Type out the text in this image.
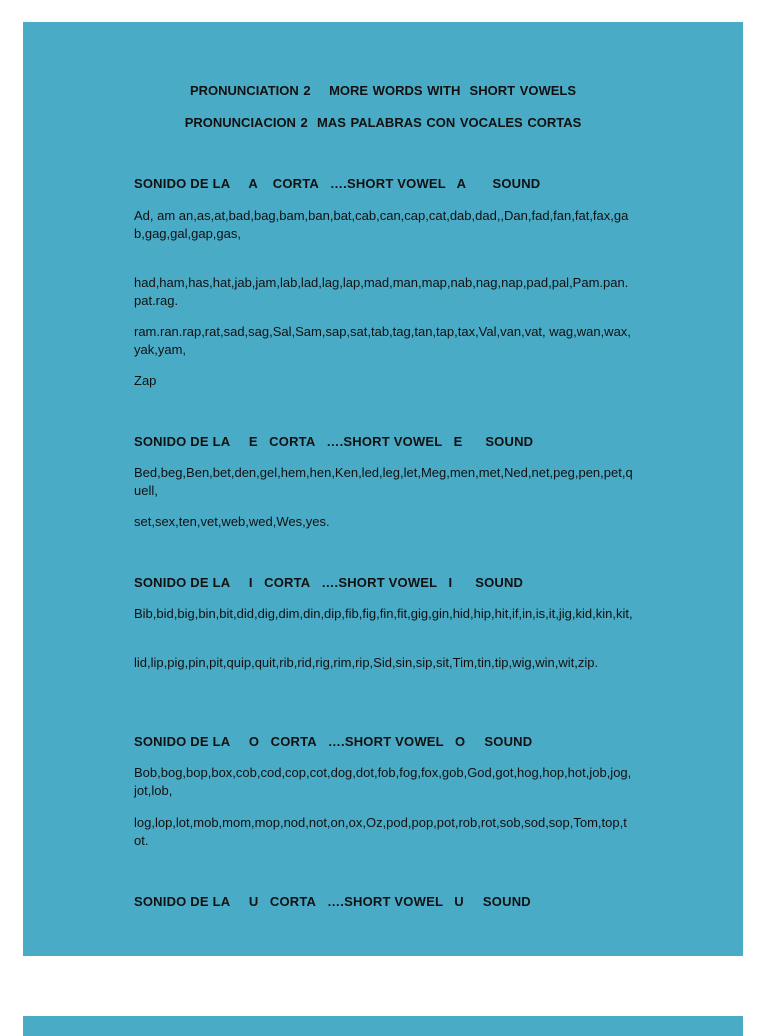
PRONUNCIATION 2    MORE WORDS WITH  SHORT VOWELS
PRONUNCIACION 2  MAS PALABRAS CON VOCALES CORTAS
SONIDO DE LA     A    CORTA   ….SHORT VOWEL   A       SOUND
Ad, am an,as,at,bad,bag,bam,ban,bat,cab,can,cap,cat,dab,dad,,Dan,fad,fan,fat,fax,gab,gag,gal,gap,gas,
had,ham,has,hat,jab,jam,lab,lad,lag,lap,mad,man,map,nab,nag,nap,pad,pal,Pam.pan.pat.rag.
ram.ran.rap,rat,sad,sag,Sal,Sam,sap,sat,tab,tag,tan,tap,tax,Val,van,vat, wag,wan,wax,yak,yam,
Zap
SONIDO DE LA     E   CORTA   ….SHORT VOWEL   E      SOUND
Bed,beg,Ben,bet,den,gel,hem,hen,Ken,led,leg,let,Meg,men,met,Ned,net,peg,pen,pet,quell,
set,sex,ten,vet,web,wed,Wes,yes.
SONIDO DE LA     I   CORTA   ….SHORT VOWEL   I      SOUND
Bib,bid,big,bin,bit,did,dig,dim,din,dip,fib,fig,fin,fit,gig,gin,hid,hip,hit,if,in,is,it,jig,kid,kin,kit,
lid,lip,pig,pin,pit,quip,quit,rib,rid,rig,rim,rip,Sid,sin,sip,sit,Tim,tin,tip,wig,win,wit,zip.
SONIDO DE LA     O   CORTA   ….SHORT VOWEL   O     SOUND
Bob,bog,bop,box,cob,cod,cop,cot,dog,dot,fob,fog,fox,gob,God,got,hog,hop,hot,job,jog,jot,lob,
log,lop,lot,mob,mom,mop,nod,not,on,ox,Oz,pod,pop,pot,rob,rot,sob,sod,sop,Tom,top,tot.
SONIDO DE LA     U   CORTA   ….SHORT VOWEL   U     SOUND
